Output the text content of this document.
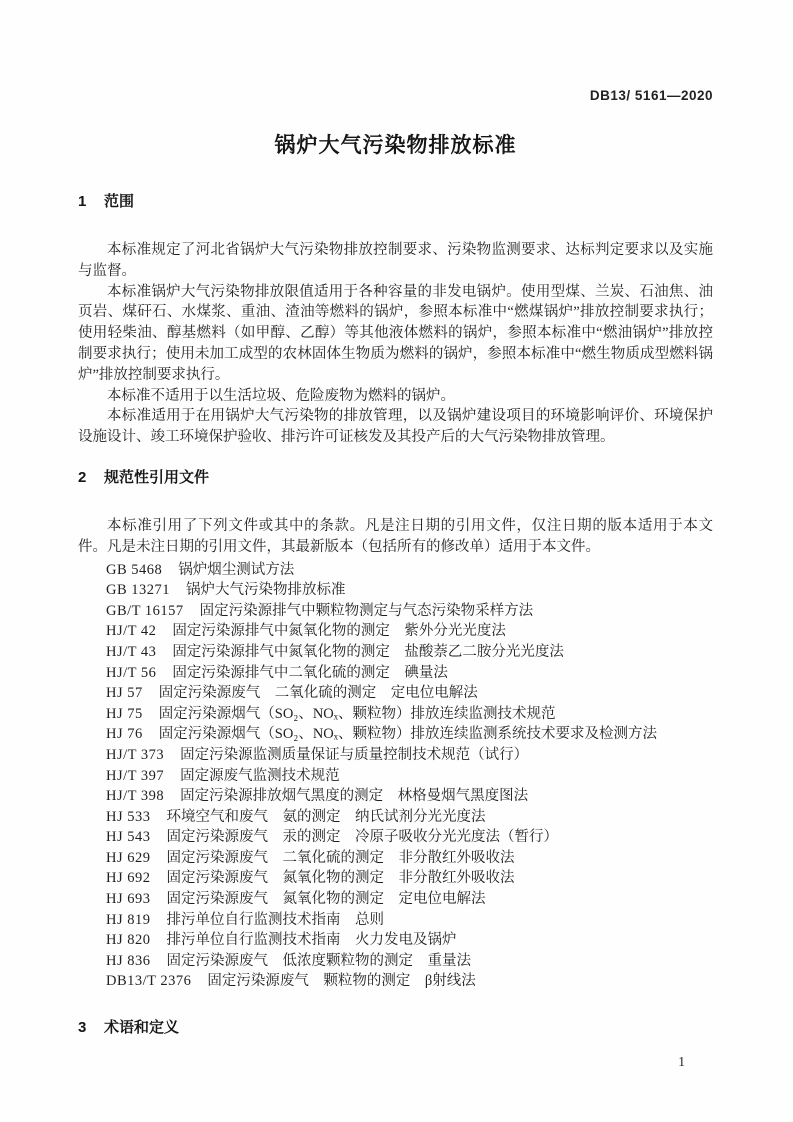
DB13/ 5161—2020
锅炉大气污染物排放标准
1 范围

本标准规定了河北省锅炉大气污染物排放控制要求、污染物监测要求、达标判定要求以及实施与监督。

本标准锅炉大气污染物排放限值适用于各种容量的非发电锅炉。使用型煤、兰炭、石油焦、油页岩、煤矸石、水煤浆、重油、渣油等燃料的锅炉，参照本标准中“燃煤锅炉”排放控制要求执行；使用轻柴油、醇基燃料（如甲醇、乙醇）等其他液体燃料的锅炉，参照本标准中“燃油锅炉”排放控制要求执行；使用未加工成型的农林固体生物质为燃料的锅炉，参照本标准中“燃生物质成型燃料锅炉”排放控制要求执行。

本标准不适用于以生活垃圾、危险废物为燃料的锅炉。

本标准适用于在用锅炉大气污染物的排放管理，以及锅炉建设项目的环境影响评价、环境保护设施设计、竣工环境保护验收、排污许可证核发及其投产后的大气污染物排放管理。

2 规范性引用文件

本标准引用了下列文件或其中的条款。凡是注日期的引用文件，仅注日期的版本适用于本文件。凡是未注日期的引用文件，其最新版本（包括所有的修改单）适用于本文件。

GB 5468 锅炉烟尘测试方法
GB 13271 锅炉大气污染物排放标准
GB/T 16157 固定污染源排气中颗粒物测定与气态污染物采样方法
HJ/T 42 固定污染源排气中氮氧化物的测定　紫外分光光度法
HJ/T 43 固定污染源排气中氮氧化物的测定　盐酸萘乙二胺分光光度法
HJ/T 56 固定污染源排气中二氧化硫的测定　碘量法
HJ 57 固定污染源废气　二氧化硫的测定　定电位电解法
HJ 75 固定污染源烟气（SO₂、NOₓ、颗粒物）排放连续监测技术规范
HJ 76 固定污染源烟气（SO₂、NOₓ、颗粒物）排放连续监测系统技术要求及检测方法
HJ/T 373 固定污染源监测质量保证与质量控制技术规范（试行）
HJ/T 397 固定源废气监测技术规范
HJ/T 398 固定污染源排放烟气黑度的测定　林格曼烟气黑度图法
HJ 533 环境空气和废气　氨的测定　纳氏试剂分光光度法
HJ 543 固定污染源废气　汞的测定　冷原子吸收分光光度法（暂行）
HJ 629 固定污染源废气　二氧化硫的测定　非分散红外吸收法
HJ 692 固定污染源废气　氮氧化物的测定　非分散红外吸收法
HJ 693 固定污染源废气　氮氧化物的测定　定电位电解法
HJ 819 排污单位自行监测技术指南　总则
HJ 820 排污单位自行监测技术指南　火力发电及锅炉
HJ 836 固定污染源废气　低浓度颗粒物的测定　重量法
DB13/T 2376 固定污染源废气　颗粒物的测定　β射线法
3 术语和定义
1
